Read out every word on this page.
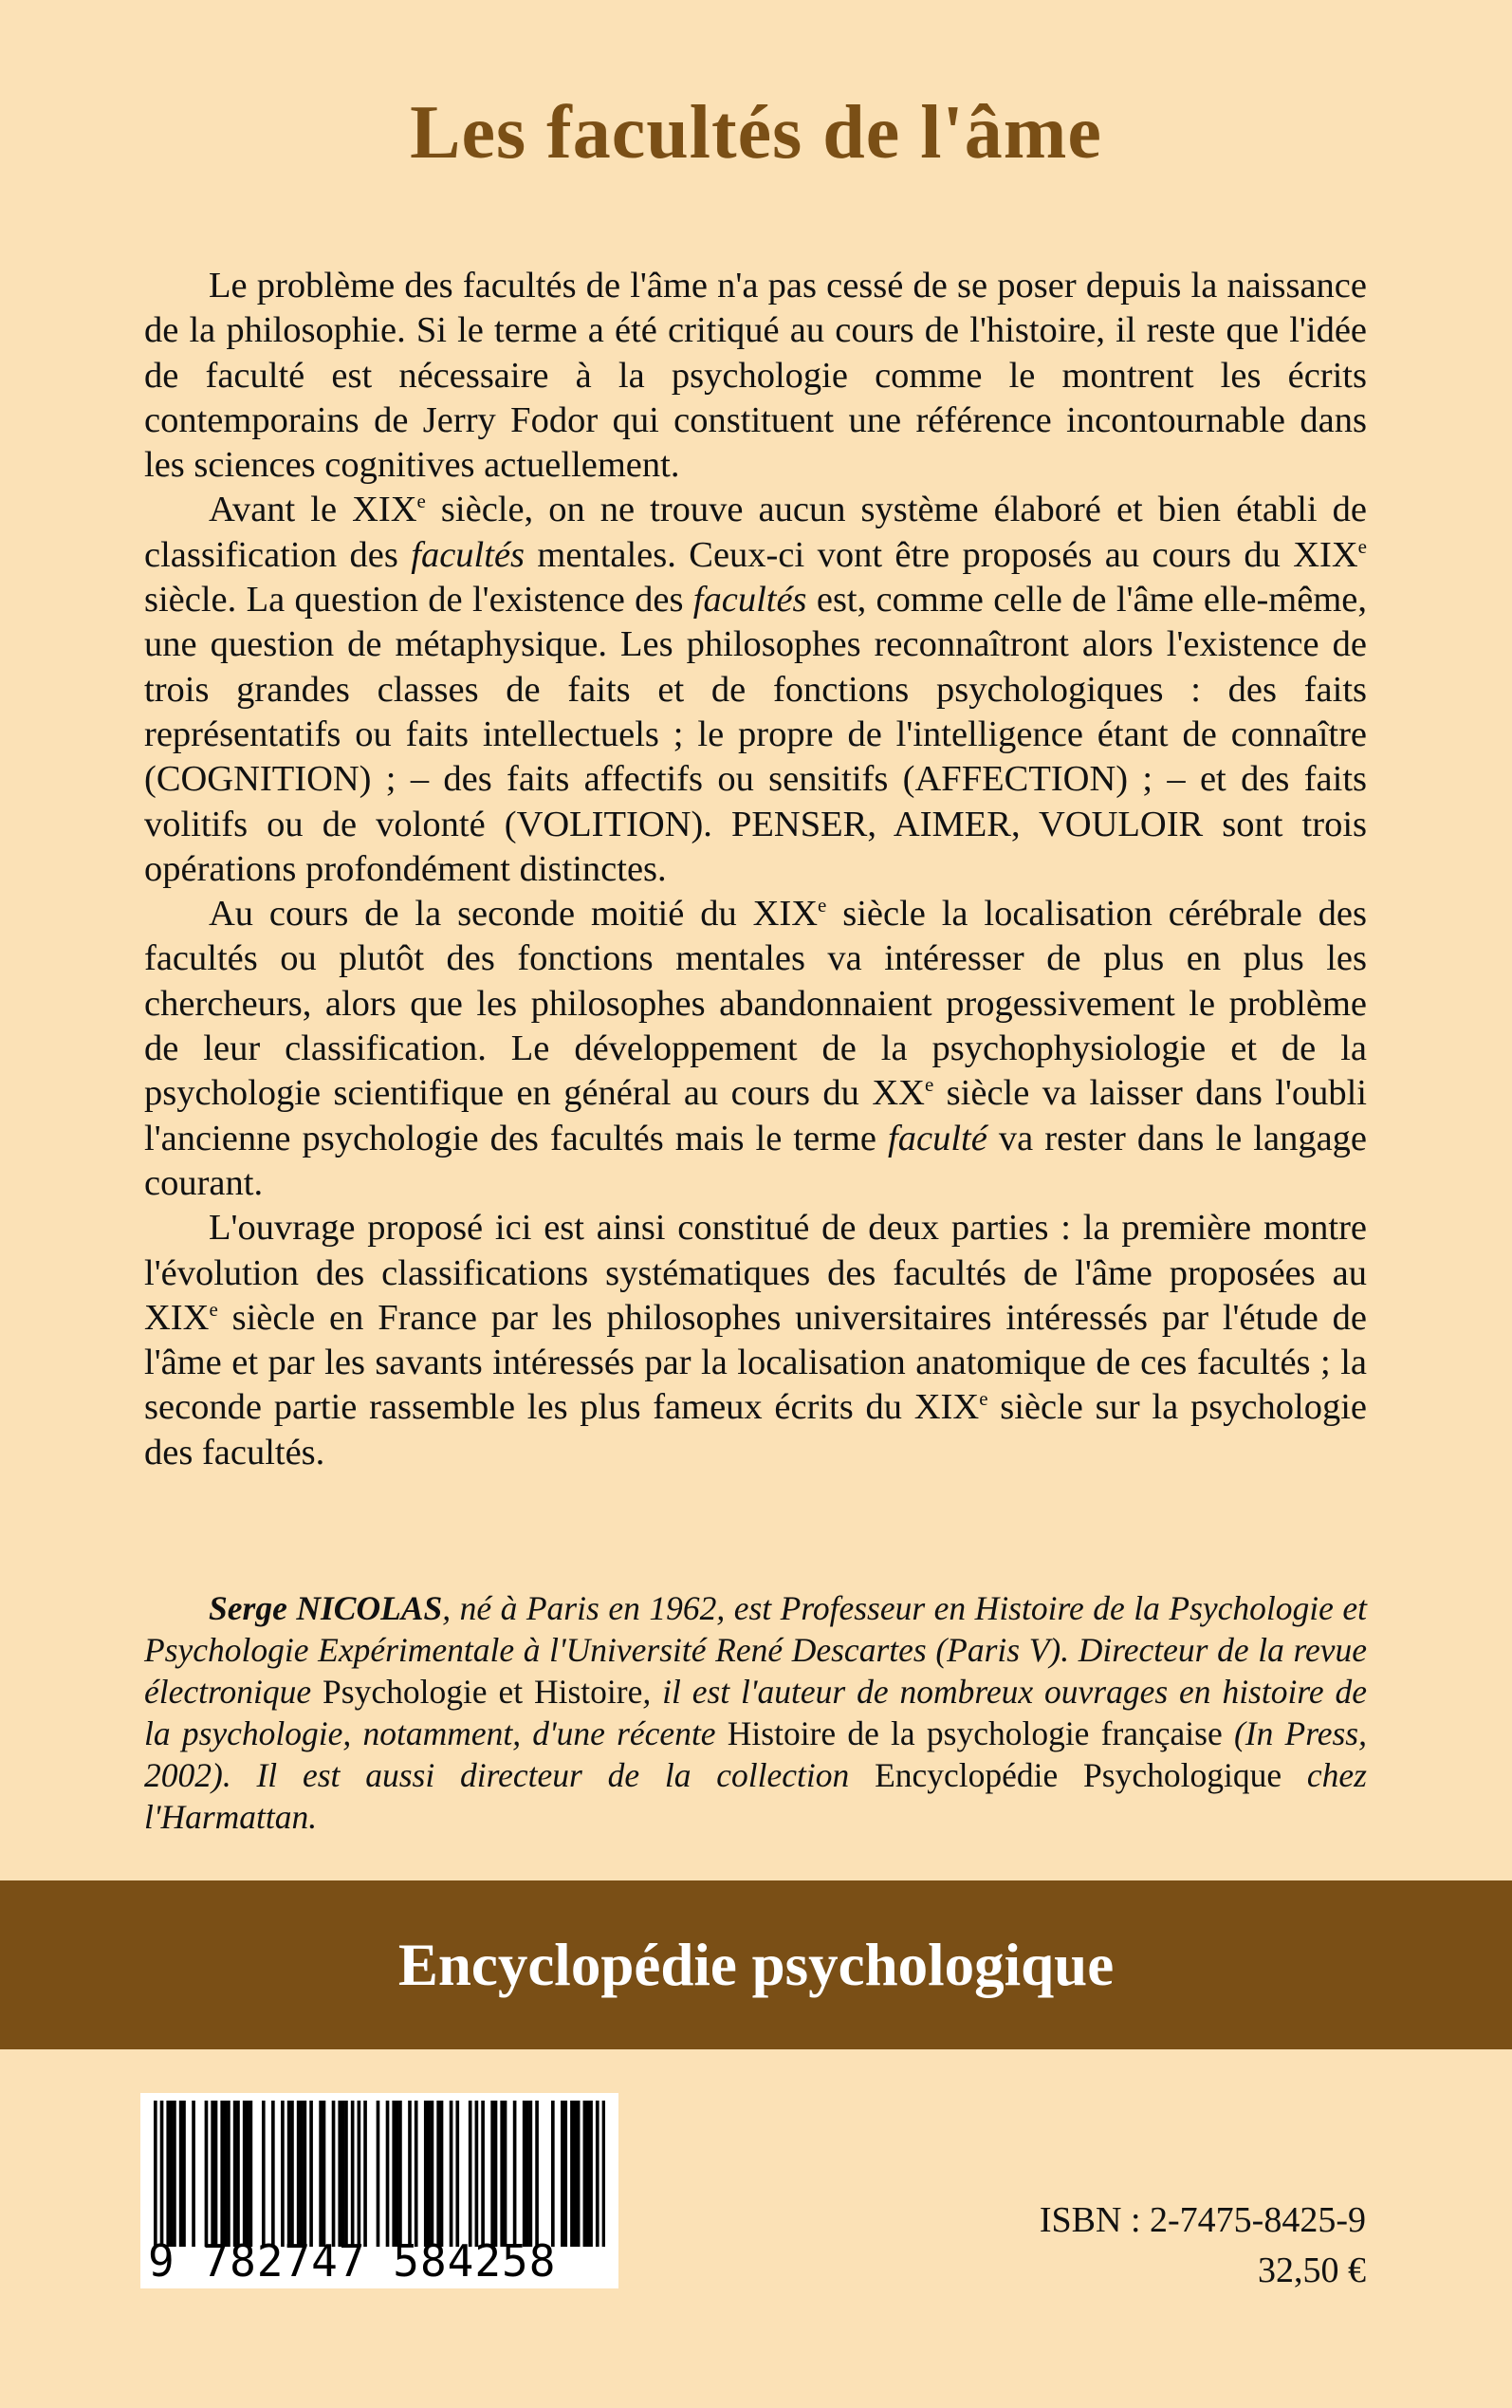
Les facultés de l'âme

Le problème des facultés de l'âme n'a pas cessé de se poser depuis la naissance de la philosophie. Si le terme a été critiqué au cours de l'histoire, il reste que l'idée de faculté est nécessaire à la psychologie comme le montrent les écrits contemporains de Jerry Fodor qui constituent une référence incontournable dans les sciences cognitives actuellement.

Avant le XIXe siècle, on ne trouve aucun système élaboré et bien établi de classification des facultés mentales. Ceux-ci vont être proposés au cours du XIXe siècle. La question de l'existence des facultés est, comme celle de l'âme elle-même, une question de métaphysique. Les philosophes reconnaîtront alors l'existence de trois grandes classes de faits et de fonctions psychologiques : des faits représentatifs ou faits intellectuels ; le propre de l'intelligence étant de connaître (COGNITION) ; – des faits affectifs ou sensitifs (AFFECTION) ; – et des faits volitifs ou de volonté (VOLITION). PENSER, AIMER, VOULOIR sont trois opérations profondément distinctes.

Au cours de la seconde moitié du XIXe siècle la localisation cérébrale des facultés ou plutôt des fonctions mentales va intéresser de plus en plus les chercheurs, alors que les philosophes abandonnaient progessivement le problème de leur classification. Le développement de la psychophysiologie et de la psychologie scientifique en général au cours du XXe siècle va laisser dans l'oubli l'ancienne psychologie des facultés mais le terme faculté va rester dans le langage courant.

L'ouvrage proposé ici est ainsi constitué de deux parties : la première montre l'évolution des classifications systématiques des facultés de l'âme proposées au XIXe siècle en France par les philosophes universitaires intéressés par l'étude de l'âme et par les savants intéressés par la localisation anatomique de ces facultés ; la seconde partie rassemble les plus fameux écrits du XIXe siècle sur la psychologie des facultés.

Serge NICOLAS, né à Paris en 1962, est Professeur en Histoire de la Psychologie et Psychologie Expérimentale à l'Université René Descartes (Paris V). Directeur de la revue électronique Psychologie et Histoire, il est l'auteur de nombreux ouvrages en histoire de la psychologie, notamment, d'une récente Histoire de la psychologie française (In Press, 2002). Il est aussi directeur de la collection Encyclopédie Psychologique chez l'Harmattan.

Encyclopédie psychologique
9 782747 584258
ISBN : 2-7475-8425-9
32,50 €
